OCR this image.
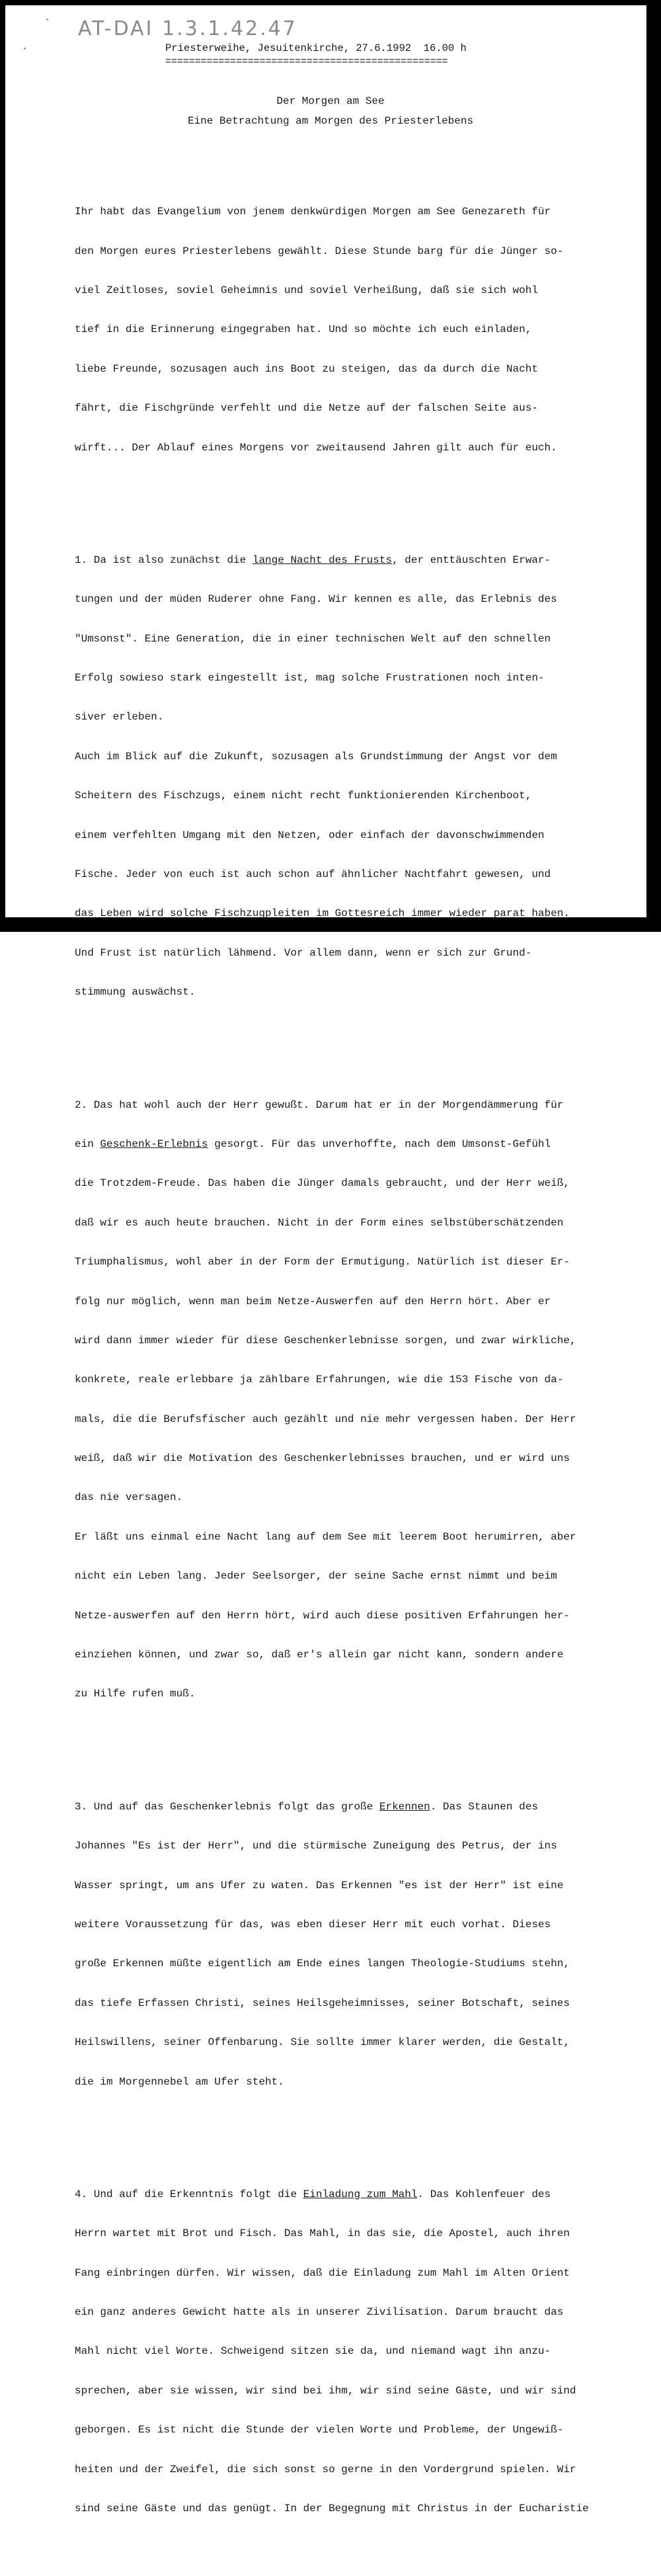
AT-DAI 1.3.1.42.47
Priesterweihe, Jesuitenkirche, 27.6.1992  16.00 h
================================================
Der Morgen am See
Eine Betrachtung am Morgen des Priesterlebens

Ihr habt das Evangelium von jenem denkwürdigen Morgen am See Genezareth für

den Morgen eures Priesterlebens gewählt. Diese Stunde barg für die Jünger so-

viel Zeitloses, soviel Geheimnis und soviel Verheißung, daß sie sich wohl

tief in die Erinnerung eingegraben hat. Und so möchte ich euch einladen,

liebe Freunde, sozusagen auch ins Boot zu steigen, das da durch die Nacht

fährt, die Fischgründe verfehlt und die Netze auf der falschen Seite aus-

wirft... Der Ablauf eines Morgens vor zweitausend Jahren gilt auch für euch.

1. Da ist also zunächst die lange Nacht des Frusts, der enttäuschten Erwar-

tungen und der müden Ruderer ohne Fang. Wir kennen es alle, das Erlebnis des

"Umsonst". Eine Generation, die in einer technischen Welt auf den schnellen

Erfolg sowieso stark eingestellt ist, mag solche Frustrationen noch inten-

siver erleben.

Auch im Blick auf die Zukunft, sozusagen als Grundstimmung der Angst vor dem

Scheitern des Fischzugs, einem nicht recht funktionierenden Kirchenboot,

einem verfehlten Umgang mit den Netzen, oder einfach der davonschwimmenden

Fische. Jeder von euch ist auch schon auf ähnlicher Nachtfahrt gewesen, und

das Leben wird solche Fischzugpleiten im Gottesreich immer wieder parat haben.

Und Frust ist natürlich lähmend. Vor allem dann, wenn er sich zur Grund-

stimmung auswächst.

2. Das hat wohl auch der Herr gewußt. Darum hat er in der Morgendämmerung für

ein Geschenk-Erlebnis gesorgt. Für das unverhoffte, nach dem Umsonst-Gefühl

die Trotzdem-Freude. Das haben die Jünger damals gebraucht, und der Herr weiß,

daß wir es auch heute brauchen. Nicht in der Form eines selbstüberschätzenden

Triumphalismus, wohl aber in der Form der Ermutigung. Natürlich ist dieser Er-

folg nur möglich, wenn man beim Netze-Auswerfen auf den Herrn hört. Aber er

wird dann immer wieder für diese Geschenkerlebnisse sorgen, und zwar wirkliche,

konkrete, reale erlebbare ja zählbare Erfahrungen, wie die 153 Fische von da-

mals, die die Berufsfischer auch gezählt und nie mehr vergessen haben. Der Herr

weiß, daß wir die Motivation des Geschenkerlebnisses brauchen, und er wird uns

das nie versagen.

Er läßt uns einmal eine Nacht lang auf dem See mit leerem Boot herumirren, aber

nicht ein Leben lang. Jeder Seelsorger, der seine Sache ernst nimmt und beim

Netze-auswerfen auf den Herrn hört, wird auch diese positiven Erfahrungen her-

einziehen können, und zwar so, daß er's allein gar nicht kann, sondern andere

zu Hilfe rufen muß.

3. Und auf das Geschenkerlebnis folgt das große Erkennen. Das Staunen des

Johannes "Es ist der Herr", und die stürmische Zuneigung des Petrus, der ins

Wasser springt, um ans Ufer zu waten. Das Erkennen "es ist der Herr" ist eine

weitere Voraussetzung für das, was eben dieser Herr mit euch vorhat. Dieses

große Erkennen müßte eigentlich am Ende eines langen Theologie-Studiums stehn,

das tiefe Erfassen Christi, seines Heilsgeheimnisses, seiner Botschaft, seines

Heilswillens, seiner Offenbarung. Sie sollte immer klarer werden, die Gestalt,

die im Morgennebel am Ufer steht.

4. Und auf die Erkenntnis folgt die Einladung zum Mahl. Das Kohlenfeuer des

Herrn wartet mit Brot und Fisch. Das Mahl, in das sie, die Apostel, auch ihren

Fang einbringen dürfen. Wir wissen, daß die Einladung zum Mahl im Alten Orient

ein ganz anderes Gewicht hatte als in unserer Zivilisation. Darum braucht das

Mahl nicht viel Worte. Schweigend sitzen sie da, und niemand wagt ihn anzu-

sprechen, aber sie wissen, wir sind bei ihm, wir sind seine Gäste, und wir sind

geborgen. Es ist nicht die Stunde der vielen Worte und Probleme, der Ungewiß-

heiten und der Zweifel, die sich sonst so gerne in den Vordergrund spielen. Wir

sind seine Gäste und das genügt. In der Begegnung mit Christus in der Eucharistie
